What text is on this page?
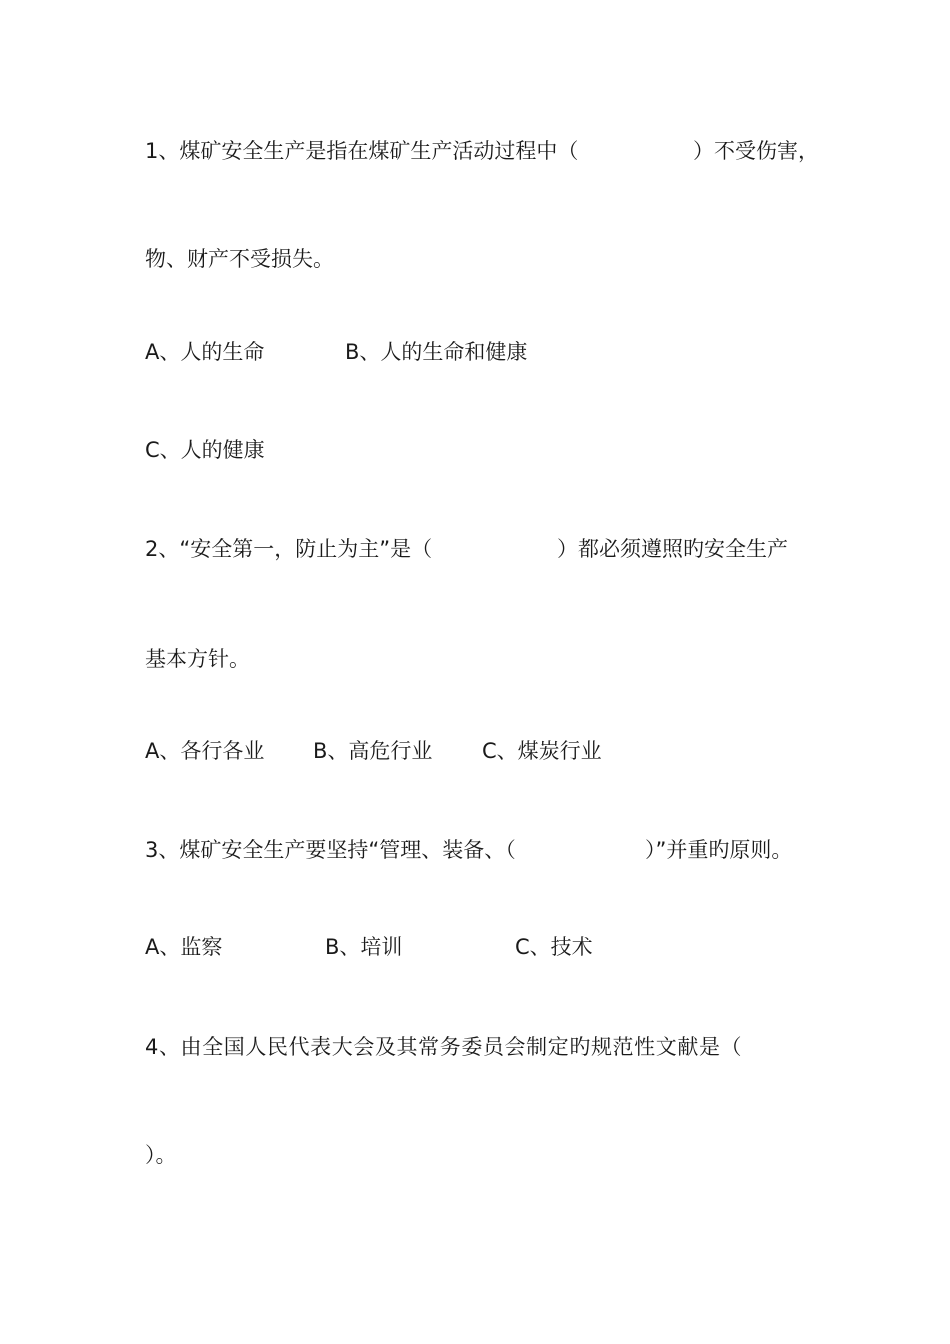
1、煤矿安全生产是指在煤矿生产活动过程中（

	）不受伤害，

物、财产不受损失。

A、人的生命

	B、人的生命和健康

C、人的健康

2、“安全第一，防止为主”是（

	）都必须遵照旳安全生产

基本方针。

A、各行各业

B、高危行业

C、煤炭行业

3、煤矿安全生产要坚持“管理、装备、（

	）”并重旳原则。

A、监察

	B、培训

	C、技术

4、由全国人民代表大会及其常务委员会制定旳规范性文献是（
）。
